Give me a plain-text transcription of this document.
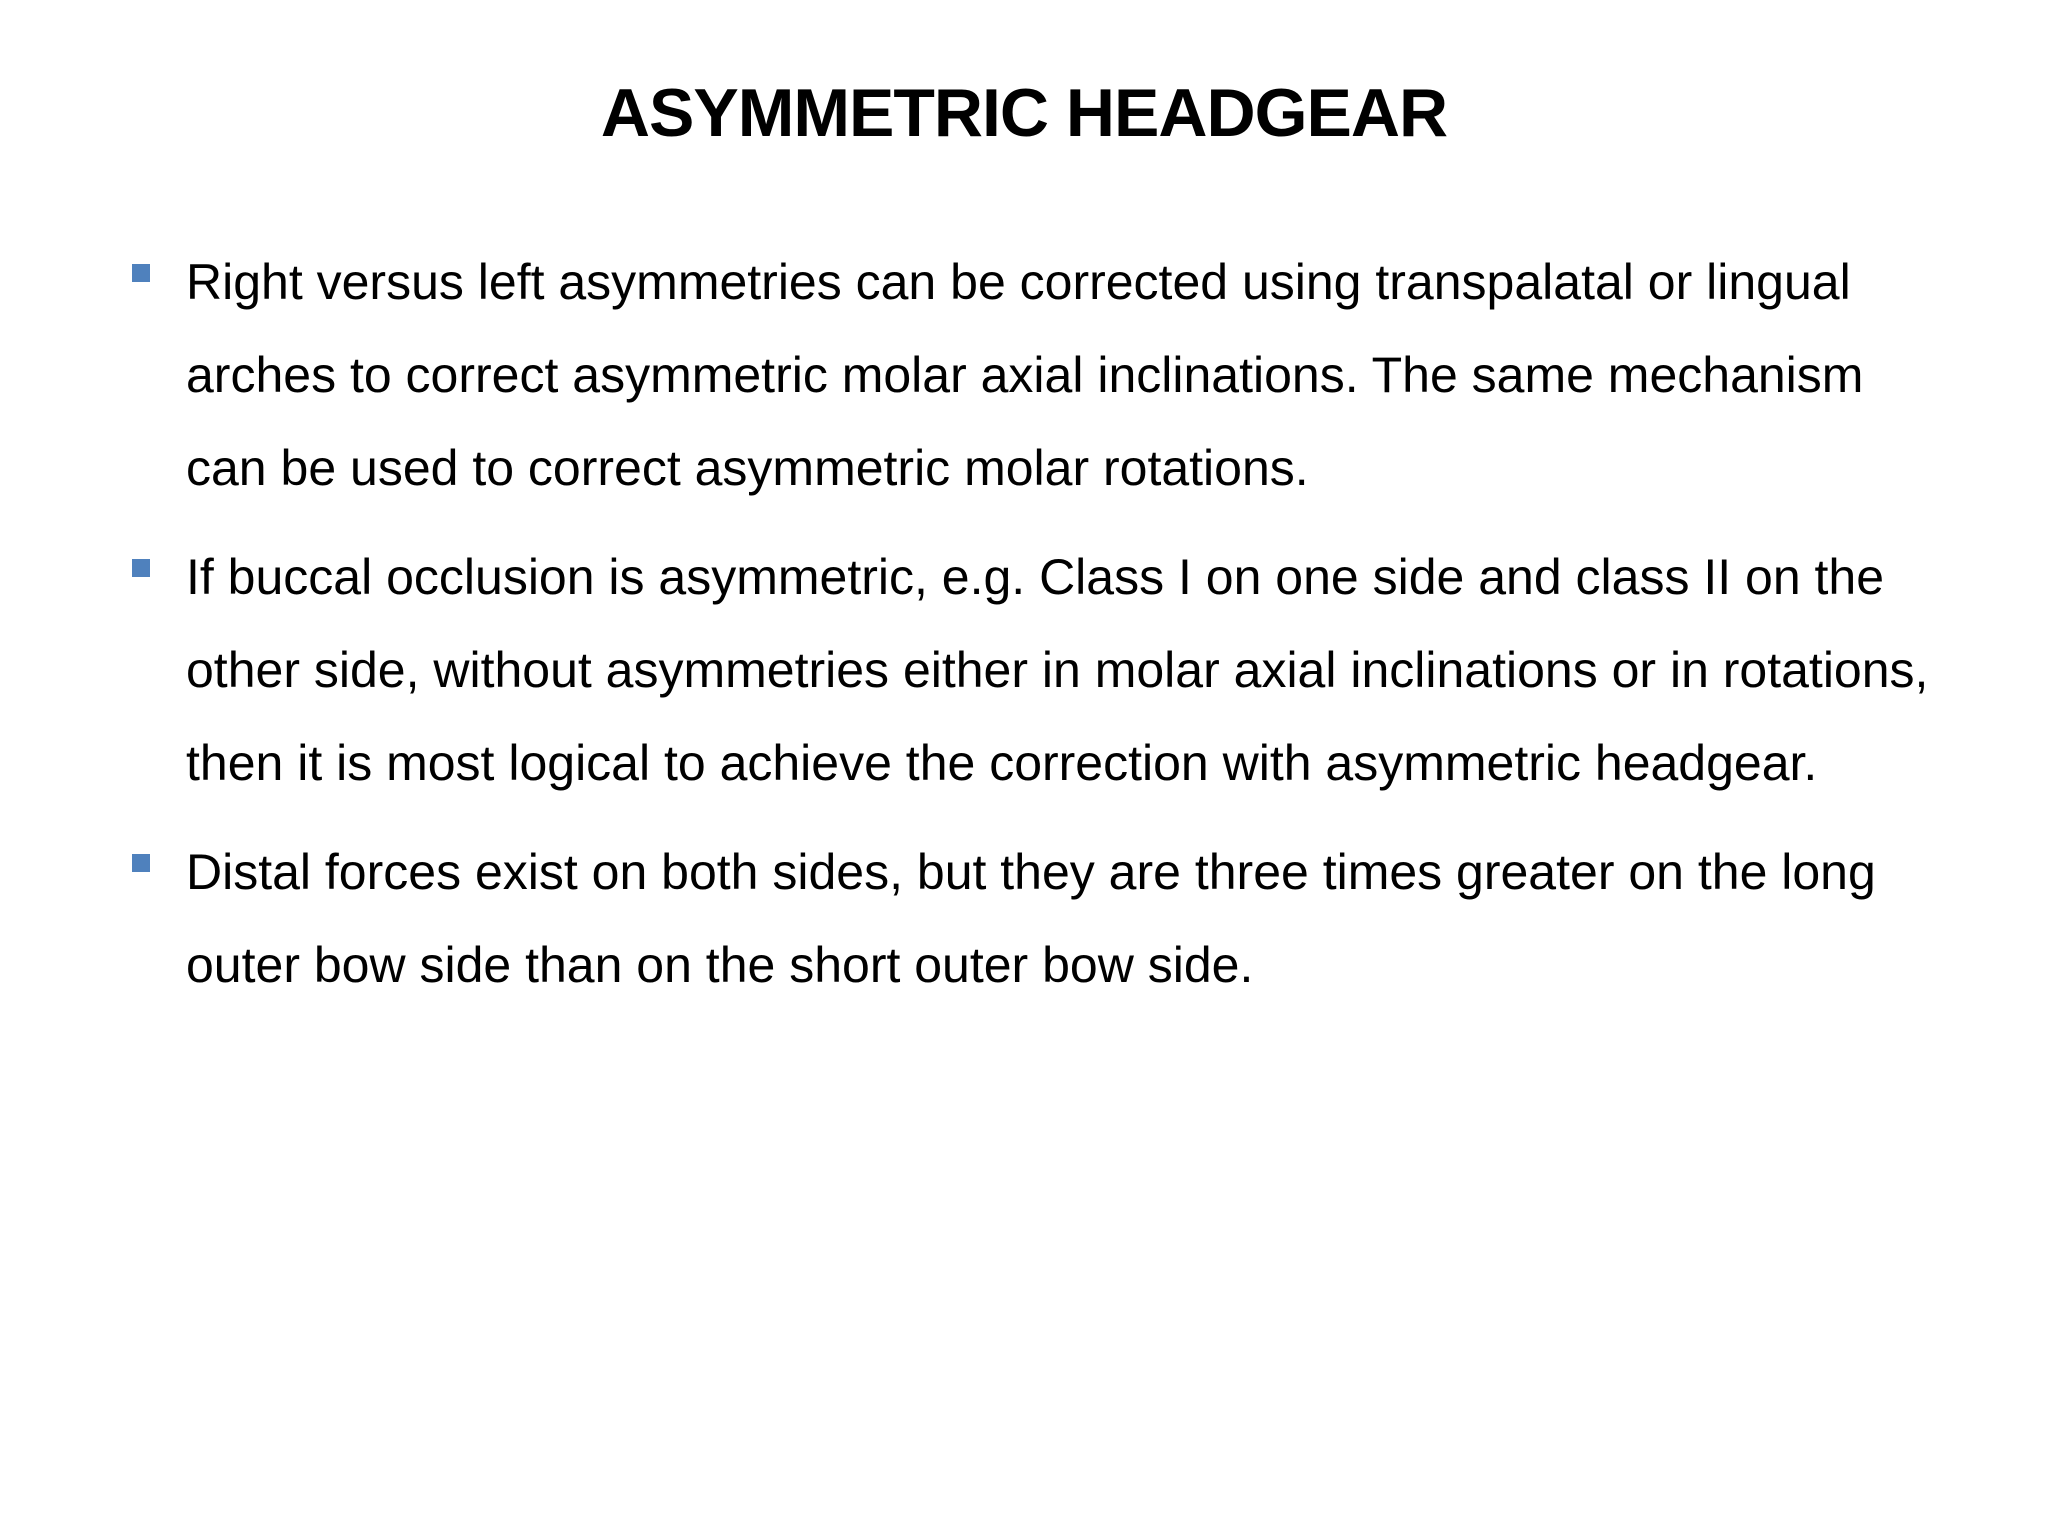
ASYMMETRIC HEADGEAR
Right versus left asymmetries can be corrected using transpalatal or lingual arches to correct asymmetric molar axial inclinations. The same mechanism can be used to correct asymmetric molar rotations.
If buccal occlusion is asymmetric, e.g. Class I on one side and class II on the other side, without asymmetries either in molar axial inclinations or in rotations, then it is most logical to achieve the correction with asymmetric headgear.
Distal forces exist on both sides, but they are three times greater on the long outer bow side than on the short outer bow side.
